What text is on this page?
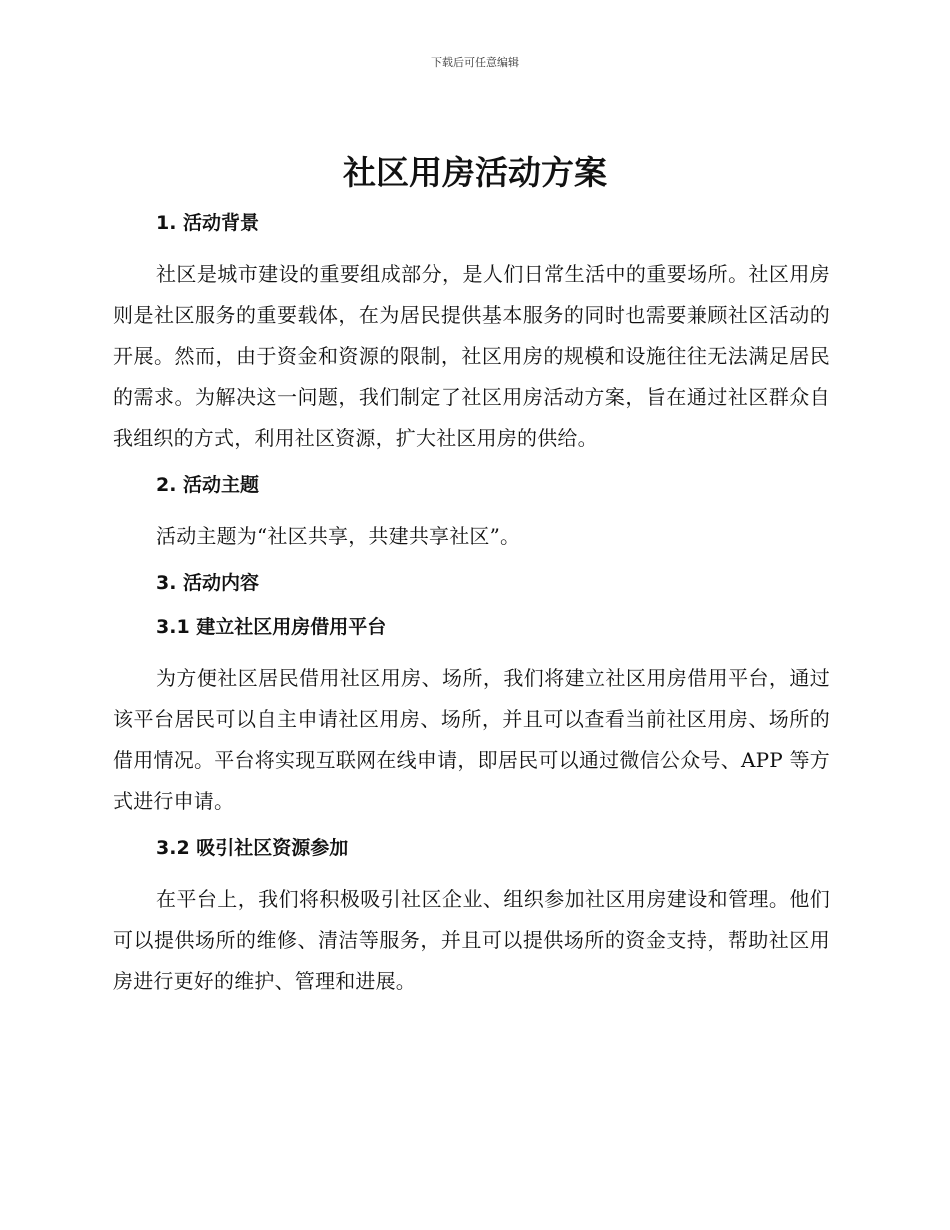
下载后可任意编辑
社区用房活动方案
1. 活动背景

社区是城市建设的重要组成部分，是人们日常生活中的重要场所。社区用房则是社区服务的重要载体，在为居民提供基本服务的同时也需要兼顾社区活动的开展。然而，由于资金和资源的限制，社区用房的规模和设施往往无法满足居民的需求。为解决这一问题，我们制定了社区用房活动方案，旨在通过社区群众自我组织的方式，利用社区资源，扩大社区用房的供给。

2. 活动主题

活动主题为“社区共享，共建共享社区”。

3. 活动内容
3.1 建立社区用房借用平台

为方便社区居民借用社区用房、场所，我们将建立社区用房借用平台，通过该平台居民可以自主申请社区用房、场所，并且可以查看当前社区用房、场所的借用情况。平台将实现互联网在线申请，即居民可以通过微信公众号、APP 等方式进行申请。

3.2 吸引社区资源参加

在平台上，我们将积极吸引社区企业、组织参加社区用房建设和管理。他们可以提供场所的维修、清洁等服务，并且可以提供场所的资金支持，帮助社区用房进行更好的维护、管理和进展。
